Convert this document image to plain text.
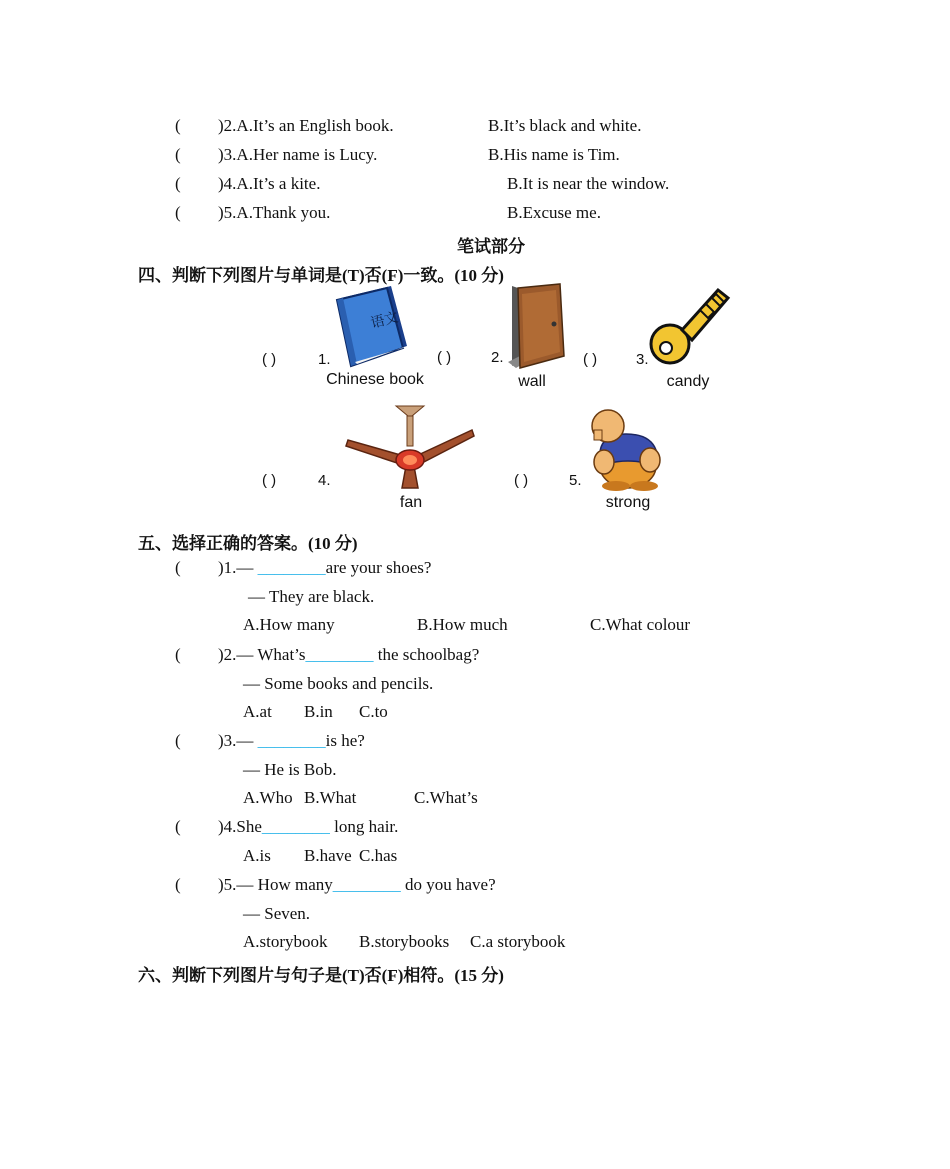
( )2.A.It’s an English book.	B.It’s black and white.
( )3.A.Her name is Lucy.	B.His name is Tim.
( )4.A.It’s a kite.	B.It is near the window.
( )5.A.Thank you.	B.Excuse me.
笔试部分
四、判断下列图片与单词是(T)否(F)一致。(10 分)
( )	1.
语文
Chinese book
( )	2.
wall
( )	3.
candy
( )	4.
fan
( )	5.
strong
五、选择正确的答案。(10 分)
( )1.— ________are your shoes?
— They are black.
A.How many	B.How much	C.What colour
( )2.— What’s________ the schoolbag?
— Some books and pencils.
A.at B.in C.to
( )3.— ________is he?
— He is Bob.
A.Who B.What	C.What’s
( )4.She________ long hair.
A.is B.have C.has
( )5.— How many________ do you have?
— Seven.
A.storybook B.storybooks C.a storybook
六、判断下列图片与句子是(T)否(F)相符。(15 分)
